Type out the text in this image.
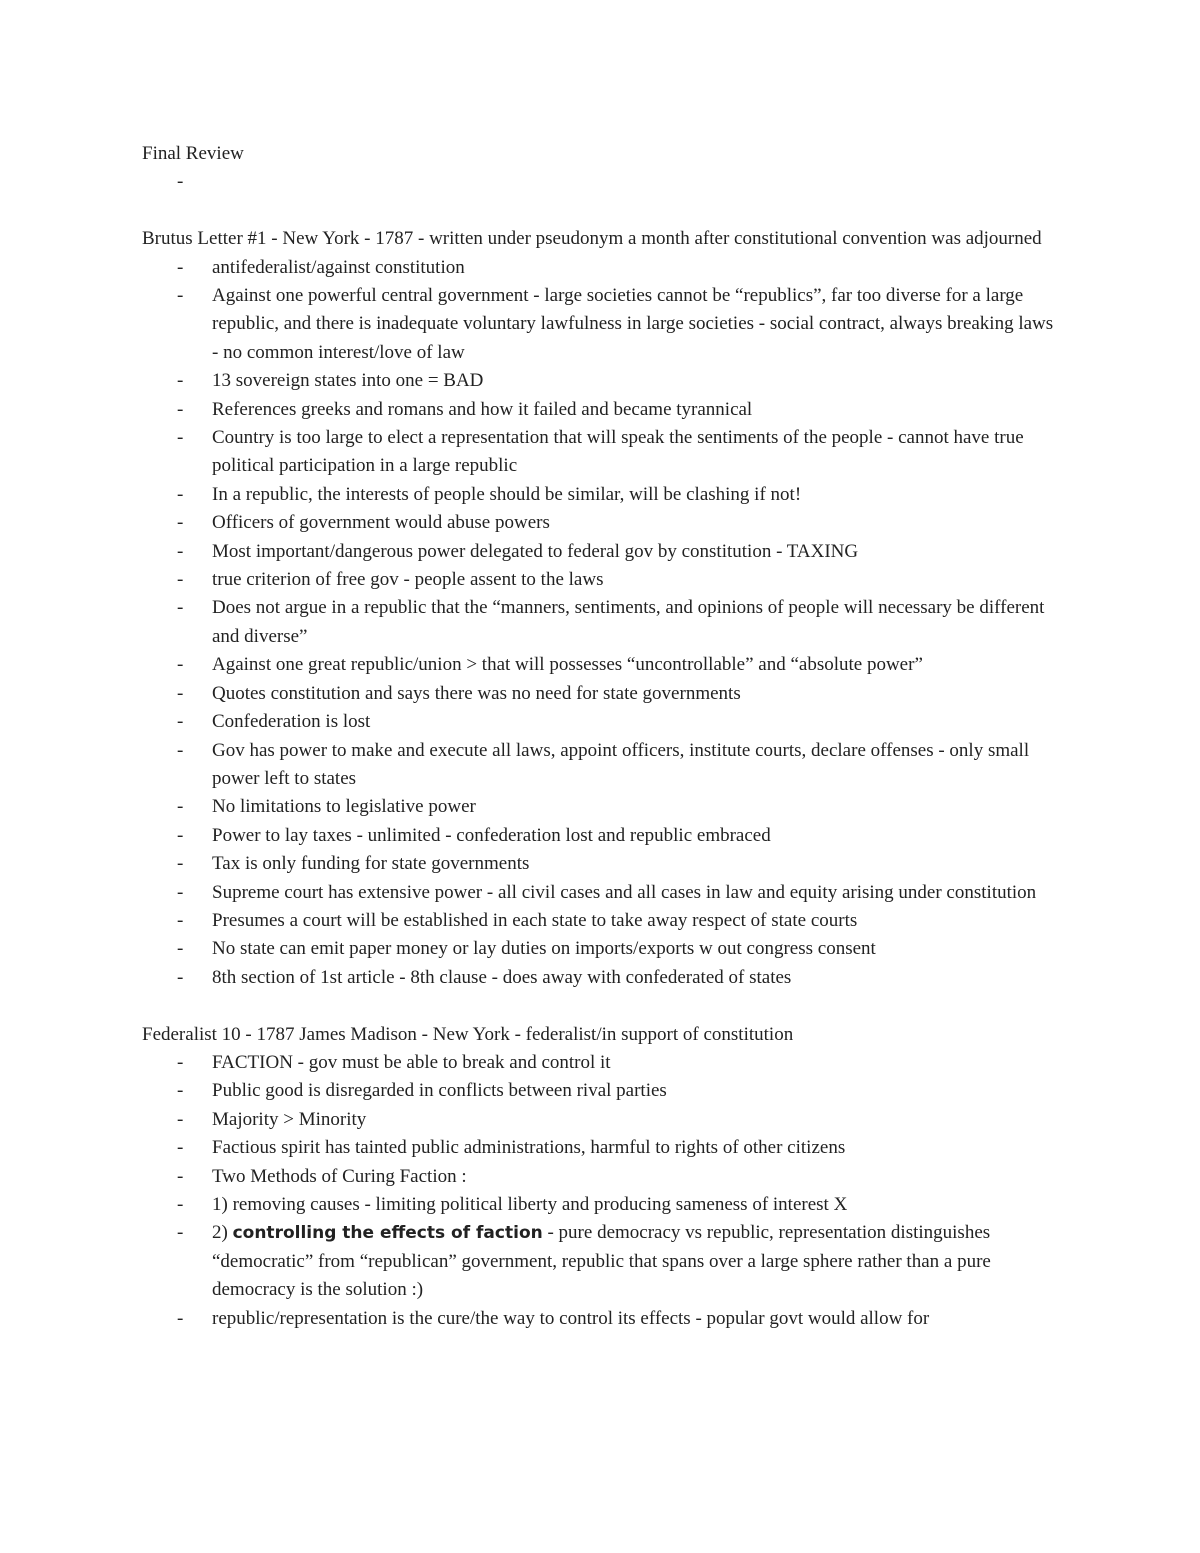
Final Review

-

Brutus Letter #1 - New York - 1787 - written under pseudonym a month after constitutional convention was adjourned

- antifederalist/against constitution
- Against one powerful central government - large societies cannot be “republics”, far too diverse for a large republic, and there is inadequate voluntary lawfulness in large societies - social contract, always breaking laws - no common interest/love of law
- 13 sovereign states into one = BAD
- References greeks and romans and how it failed and became tyrannical
- Country is too large to elect a representation that will speak the sentiments of the people - cannot have true political participation in a large republic
- In a republic, the interests of people should be similar, will be clashing if not!
- Officers of government would abuse powers
- Most important/dangerous power delegated to federal gov by constitution - TAXING
- true criterion of free gov - people assent to the laws
- Does not argue in a republic that the “manners, sentiments, and opinions of people will necessary be different and diverse”
- Against one great republic/union > that will possesses “uncontrollable” and “absolute power”
- Quotes constitution and says there was no need for state governments
- Confederation is lost
- Gov has power to make and execute all laws, appoint officers, institute courts, declare offenses - only small power left to states
- No limitations to legislative power
- Power to lay taxes - unlimited - confederation lost and republic embraced
- Tax is only funding for state governments
- Supreme court has extensive power - all civil cases and all cases in law and equity arising under constitution
- Presumes a court will be established in each state to take away respect of state courts
- No state can emit paper money or lay duties on imports/exports w out congress consent
- 8th section of 1st article - 8th clause - does away with confederated of states

Federalist 10 - 1787 James Madison - New York - federalist/in support of constitution

- FACTION - gov must be able to break and control it
- Public good is disregarded in conflicts between rival parties
- Majority > Minority
- Factious spirit has tainted public administrations, harmful to rights of other citizens
- Two Methods of Curing Faction :
- 1) removing causes - limiting political liberty and producing sameness of interest X
- 2) controlling the effects of faction - pure democracy vs republic, representation distinguishes “democratic” from “republican” government, republic that spans over a large sphere rather than a pure democracy is the solution :)
- republic/representation is the cure/the way to control its effects - popular govt would allow for
